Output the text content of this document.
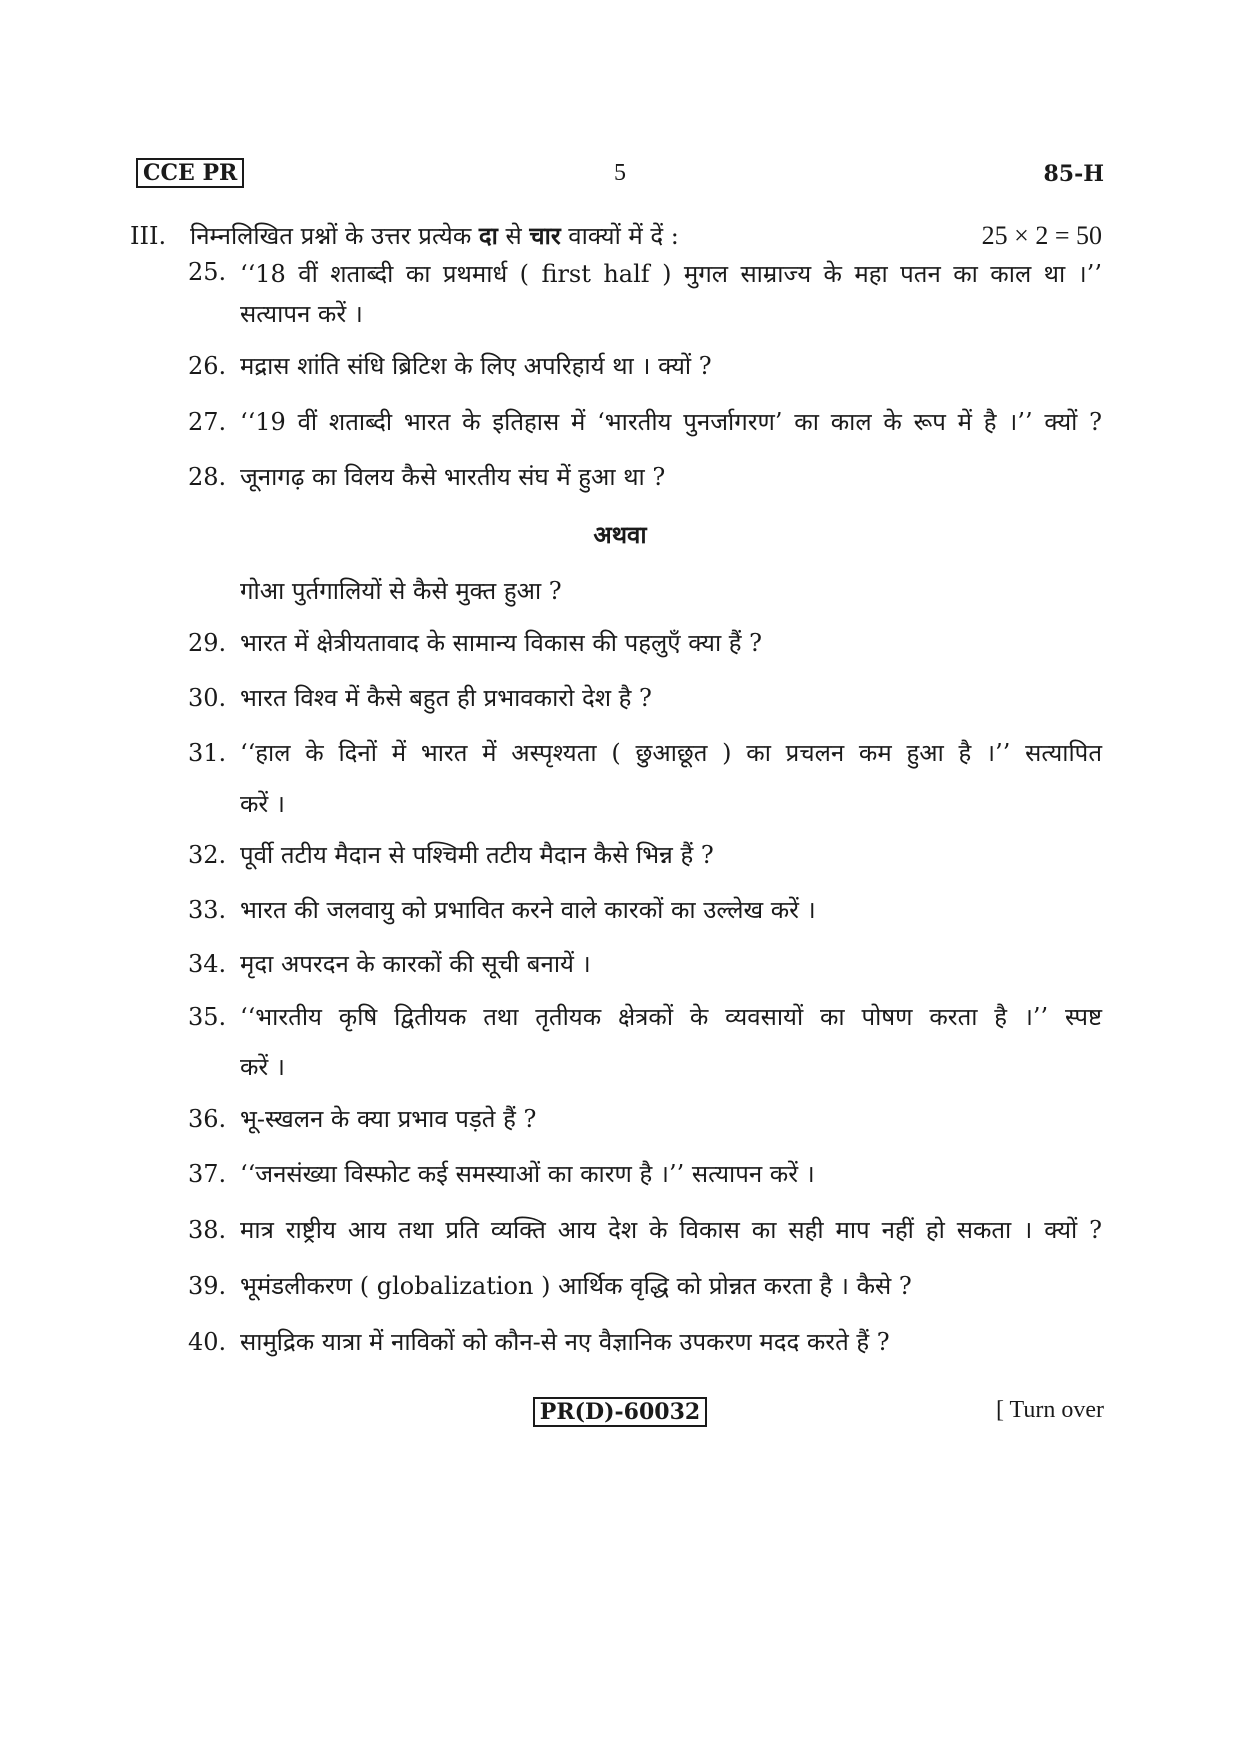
CCE PR	5	85-H
III. निम्नलिखित प्रश्नों के उत्तर प्रत्येक दा से चार वाक्यों में दें :	25 × 2 = 50
25. ‘‘18 वीं शताब्दी का प्रथमार्ध ( first half ) मुगल साम्राज्य के महा पतन का काल था ।’’
सत्यापन करें ।
26. मद्रास शांति संधि ब्रिटिश के लिए अपरिहार्य था । क्यों ?
27. ‘‘19 वीं शताब्दी भारत के इतिहास में ‘भारतीय पुनर्जागरण’ का काल के रूप में है ।’’ क्यों ?
28. जूनागढ़ का विलय कैसे भारतीय संघ में हुआ था ?
अथवा
गोआ पुर्तगालियों से कैसे मुक्त हुआ ?
29. भारत में क्षेत्रीयतावाद के सामान्य विकास की पहलुएँ क्या हैं ?
30. भारत विश्व में कैसे बहुत ही प्रभावकारो देश है ?
31. ‘‘हाल के दिनों में भारत में अस्पृश्यता ( छुआछूत ) का प्रचलन कम हुआ है ।’’ सत्यापित
करें ।
32. पूर्वी तटीय मैदान से पश्चिमी तटीय मैदान कैसे भिन्न हैं ?
33. भारत की जलवायु को प्रभावित करने वाले कारकों का उल्लेख करें ।
34. मृदा अपरदन के कारकों की सूची बनायें ।
35. ‘‘भारतीय कृषि द्वितीयक तथा तृतीयक क्षेत्रकों के व्यवसायों का पोषण करता है ।’’ स्पष्ट
करें ।
36. भू-स्खलन के क्या प्रभाव पड़ते हैं ?
37. ‘‘जनसंख्या विस्फोट कई समस्याओं का कारण है ।’’ सत्यापन करें ।
38. मात्र राष्ट्रीय आय तथा प्रति व्यक्ति आय देश के विकास का सही माप नहीं हो सकता । क्यों ?
39. भूमंडलीकरण ( globalization ) आर्थिक वृद्धि को प्रोन्नत करता है । कैसे ?
40. सामुद्रिक यात्रा में नाविकों को कौन-से नए वैज्ञानिक उपकरण मदद करते हैं ?
PR(D)-60032	[ Turn over
